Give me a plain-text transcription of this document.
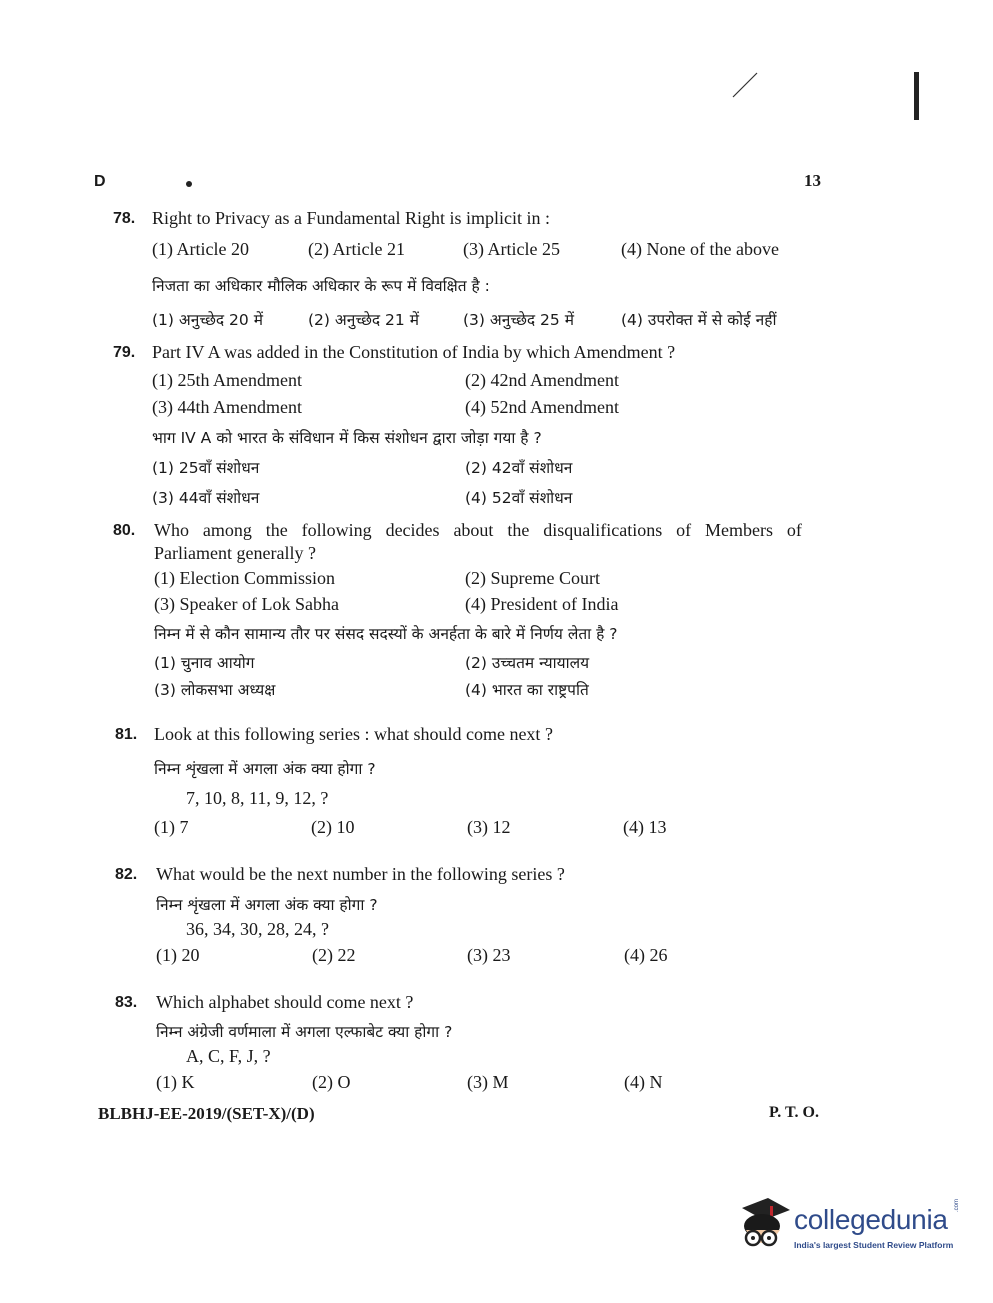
D	13
78. Right to Privacy as a Fundamental Right is implicit in :
(1) Article 20	(2) Article 21	(3) Article 25	(4) None of the above
निजता का अधिकार मौलिक अधिकार के रूप में विवक्षित है :
(1) अनुच्छेद 20 में	(2) अनुच्छेद 21 में	(3) अनुच्छेद 25 में	(4) उपरोक्त में से कोई नहीं
79. Part IV A was added in the Constitution of India by which Amendment ?
(1) 25th Amendment	(2) 42nd Amendment
(3) 44th Amendment	(4) 52nd Amendment
भाग IV A को भारत के संविधान में किस संशोधन द्वारा जोड़ा गया है ?
(1) 25वाँ संशोधन	(2) 42वाँ संशोधन
(3) 44वाँ संशोधन	(4) 52वाँ संशोधन
80. Who among the following decides about the disqualifications of Members of
Parliament generally ?
(1) Election Commission	(2) Supreme Court
(3) Speaker of Lok Sabha	(4) President of India
निम्न में से कौन सामान्य तौर पर संसद सदस्यों के अनर्हता के बारे में निर्णय लेता है ?
(1) चुनाव आयोग	(2) उच्चतम न्यायालय
(3) लोकसभा अध्यक्ष	(4) भारत का राष्ट्रपति
81. Look at this following series : what should come next ?
निम्न शृंखला में अगला अंक क्या होगा ?
7, 10, 8, 11, 9, 12, ?
(1) 7	(2) 10	(3) 12	(4) 13
82. What would be the next number in the following series ?
निम्न शृंखला में अगला अंक क्या होगा ?
36, 34, 30, 28, 24, ?
(1) 20	(2) 22	(3) 23	(4) 26
83. Which alphabet should come next ?
निम्न अंग्रेजी वर्णमाला में अगला एल्फाबेट क्या होगा ?
A, C, F, J, ?
(1) K	(2) O	(3) M	(4) N
BLBHJ-EE-2019/(SET-X)/(D)	P. T. O.
collegedunia .com
India's largest Student Review Platform
